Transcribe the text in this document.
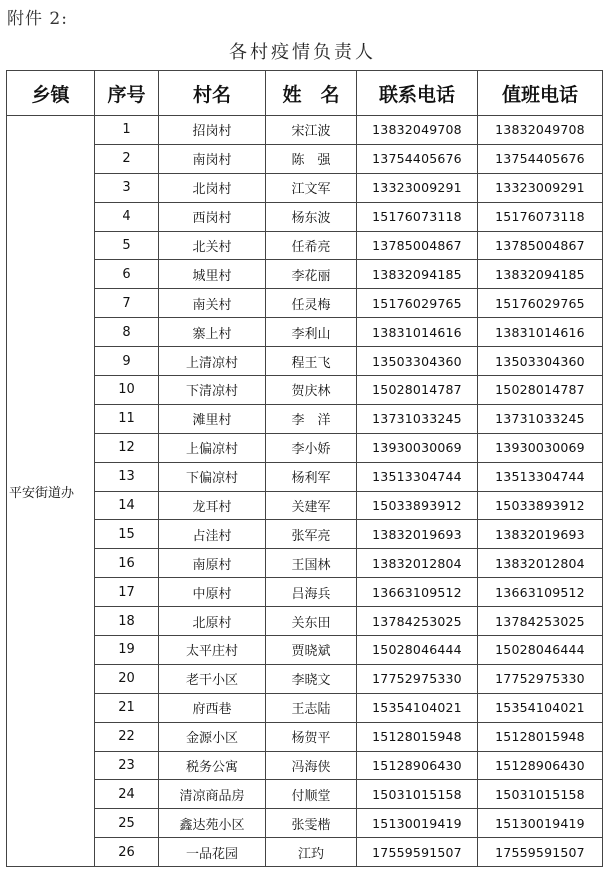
附件 2:
各村疫情负责人
乡镇	序号	村名	姓　名	联系电话	值班电话
平安街道办	1	招岗村	宋江波	13832049708	13832049708
	2	南岗村	陈　强	13754405676	13754405676
	3	北岗村	江文军	13323009291	13323009291
	4	西岗村	杨东波	15176073118	15176073118
	5	北关村	任希亮	13785004867	13785004867
	6	城里村	李花丽	13832094185	13832094185
	7	南关村	任灵梅	15176029765	15176029765
	8	寨上村	李利山	13831014616	13831014616
	9	上清凉村	程王飞	13503304360	13503304360
	10	下清凉村	贺庆林	15028014787	15028014787
	11	滩里村	李　洋	13731033245	13731033245
	12	上偏凉村	李小娇	13930030069	13930030069
	13	下偏凉村	杨利军	13513304744	13513304744
	14	龙耳村	关建军	15033893912	15033893912
	15	占洼村	张军亮	13832019693	13832019693
	16	南原村	王国林	13832012804	13832012804
	17	中原村	吕海兵	13663109512	13663109512
	18	北原村	关东田	13784253025	13784253025
	19	太平庄村	贾晓斌	15028046444	15028046444
	20	老干小区	李晓文	17752975330	17752975330
	21	府西巷	王志陆	15354104021	15354104021
	22	金源小区	杨贺平	15128015948	15128015948
	23	税务公寓	冯海侠	15128906430	15128906430
	24	清凉商品房	付顺堂	15031015158	15031015158
	25	鑫达苑小区	张雯楷	15130019419	15130019419
	26	一品花园	江玓	17559591507	17559591507
